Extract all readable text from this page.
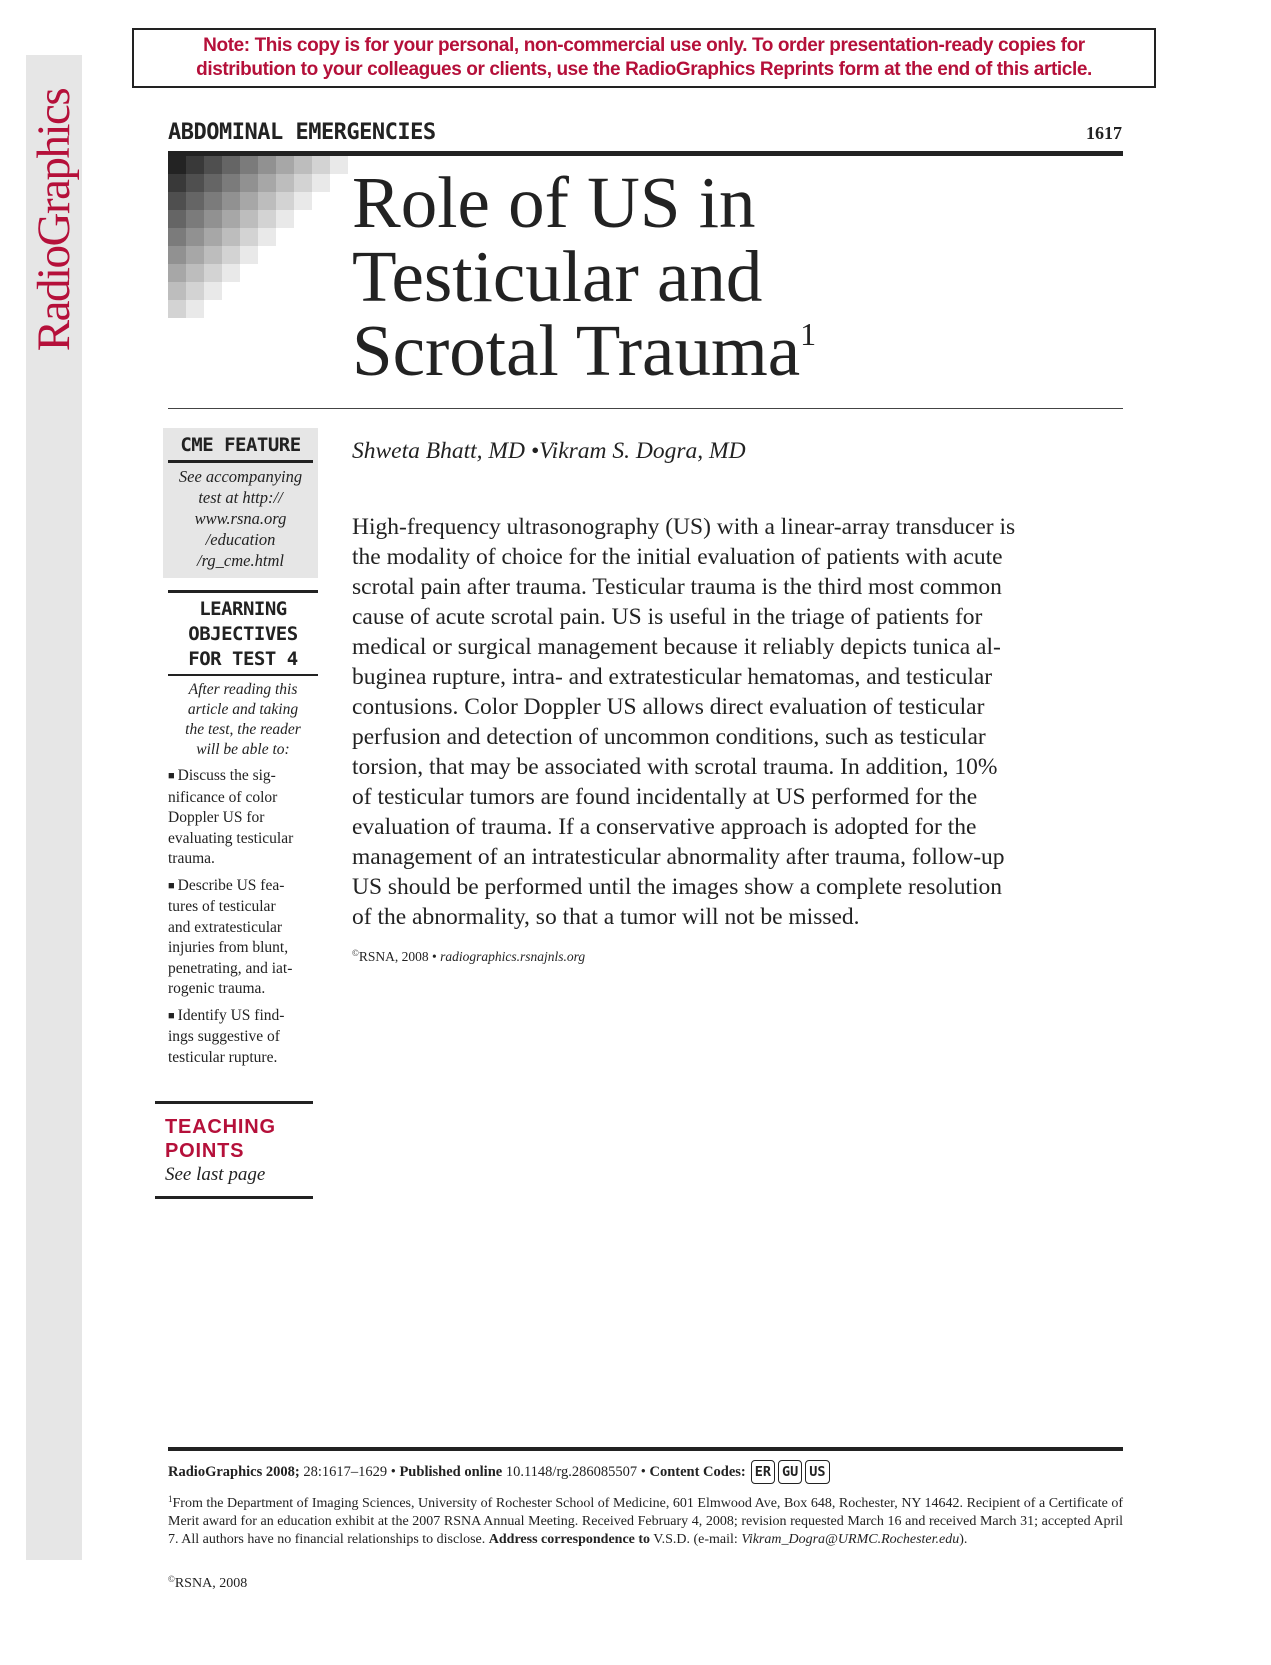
RadioGraphics
Note: This copy is for your personal, non-commercial use only. To order presentation-ready copies for
distribution to your colleagues or clients, use the RadioGraphics Reprints form at the end of this article.
ABDOMINAL EMERGENCIES	1617
Role of US in
Testicular and
Scrotal Trauma$^1$
CME FEATURE
See accompanying
test at http://
www.rsna.org
/education
/rg_cme.html
LEARNING
OBJECTIVES
FOR TEST 4
After reading this
article and taking
the test, the reader
will be able to:
■ Discuss the sig-
nificance of color
Doppler US for
evaluating testicular
trauma.
■ Describe US fea-
tures of testicular
and extratesticular
injuries from blunt,
penetrating, and iat-
rogenic trauma.
■ Identify US find-
ings suggestive of
testicular rupture.
TEACHING
POINTS
See last page
Shweta Bhatt, MD •Vikram S. Dogra, MD
High-frequency ultrasonography (US) with a linear-array transducer is
the modality of choice for the initial evaluation of patients with acute
scrotal pain after trauma. Testicular trauma is the third most common
cause of acute scrotal pain. US is useful in the triage of patients for
medical or surgical management because it reliably depicts tunica al-
buginea rupture, intra- and extratesticular hematomas, and testicular
contusions. Color Doppler US allows direct evaluation of testicular
perfusion and detection of uncommon conditions, such as testicular
torsion, that may be associated with scrotal trauma. In addition, 10%
of testicular tumors are found incidentally at US performed for the
evaluation of trauma. If a conservative approach is adopted for the
management of an intratesticular abnormality after trauma, follow-up
US should be performed until the images show a complete resolution
of the abnormality, so that a tumor will not be missed.
©RSNA, 2008 • radiographics.rsnajnls.org
RadioGraphics 2008; 28:1617–1629 • Published online 10.1148/rg.286085507 • Content Codes: ER GU US

$^1$From the Department of Imaging Sciences, University of Rochester School of Medicine, 601 Elmwood Ave, Box 648, Rochester, NY 14642. Recipient of a Certificate of Merit award for an education exhibit at the 2007 RSNA Annual Meeting. Received February 4, 2008; revision requested March 16 and received March 31; accepted April 7. All authors have no financial relationships to disclose. Address correspondence to V.S.D. (e-mail: Vikram_Dogra@URMC.Rochester.edu).

©RSNA, 2008
